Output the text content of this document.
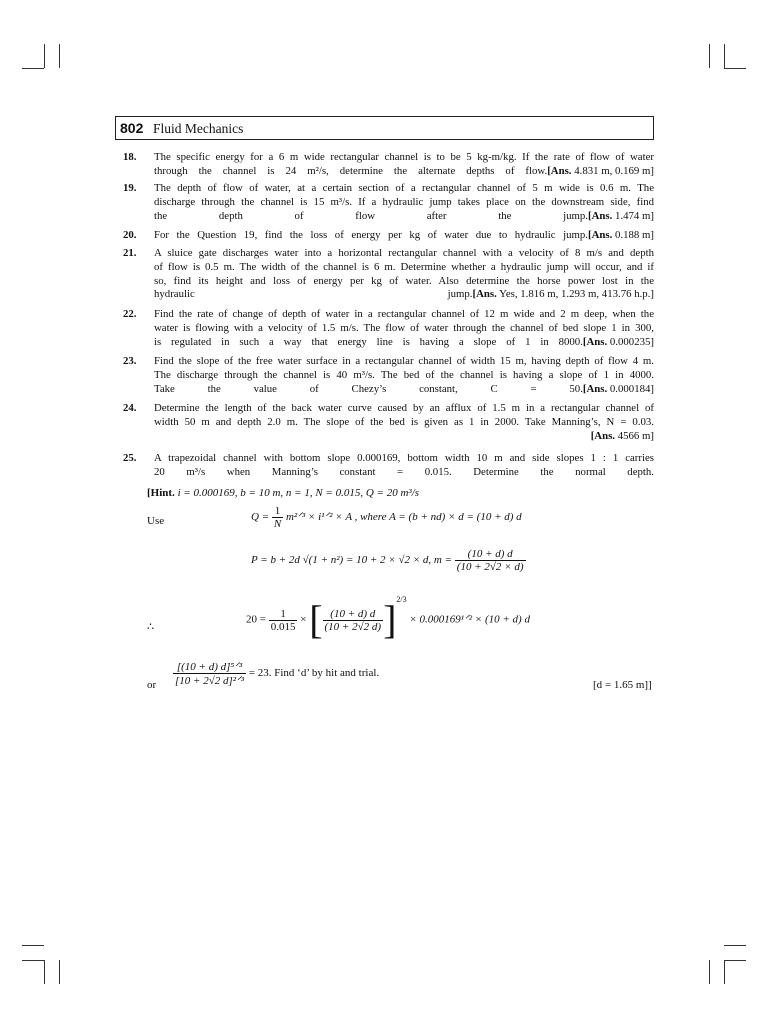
802 Fluid Mechanics
18. The specific energy for a 6 m wide rectangular channel is to be 5 kg-m/kg. If the rate of flow of water
through the channel is 24 m²/s, determine the alternate depths of flow. [Ans. 4.831 m, 0.169 m]
19. The depth of flow of water, at a certain section of a rectangular channel of 5 m wide is 0.6 m. The
discharge through the channel is 15 m³/s. If a hydraulic jump takes place on the downstream side, find
the depth of flow after the jump. [Ans. 1.474 m]
20. For the Question 19, find the loss of energy per kg of water due to hydraulic jump. [Ans. 0.188 m]
21. A sluice gate discharges water into a horizontal rectangular channel with a velocity of 8 m/s and depth
of flow is 0.5 m. The width of the channel is 6 m. Determine whether a hydraulic jump will occur, and if
so, find its height and loss of energy per kg of water. Also determine the horse power lost in the
hydraulic jump. [Ans. Yes, 1.816 m, 1.293 m, 413.76 h.p.]
22. Find the rate of change of depth of water in a rectangular channel of 12 m wide and 2 m deep, when the
water is flowing with a velocity of 1.5 m/s. The flow of water through the channel of bed slope 1 in 300,
is regulated in such a way that energy line is having a slope of 1 in 8000. [Ans. 0.000235]
23. Find the slope of the free water surface in a rectangular channel of width 15 m, having depth of flow 4 m.
The discharge through the channel is 40 m³/s. The bed of the channel is having a slope of 1 in 4000.
Take the value of Chezy’s constant, C = 50. [Ans. 0.000184]
24. Determine the length of the back water curve caused by an afflux of 1.5 m in a rectangular channel of
width 50 m and depth 2.0 m. The slope of the bed is given as 1 in 2000. Take Manning’s, N = 0.03.
[Ans. 4566 m]

25. A trapezoidal channel with bottom slope 0.000169, bottom width 10 m and side slopes 1 : 1 carries
20 m³/s when Manning’s constant = 0.015. Determine the normal depth.
[Hint. i = 0.000169, b = 10 m, n = 1, N = 0.015, Q = 20 m³/s
Use	$Q = \frac{1}{N}$ m²ᐟ³ × i¹ᐟ² × A , where A = (b + nd) × d = (10 + d) d
P = b + 2d √(1 + n²) = 10 + 2 × √2 × d, $m = \frac{(10 + d) d}{(10 + 2√2 \times d)}$
∴
$20 = \frac{1}{0.015}$ × [ $\frac{(10 + d) d}{(10 + 2√2 d)} ]^{2/3}$ × 0.000169¹ᐟ² × (10 + d) d
or $\frac{\text{[(10 + d) d]⁵ᐟ³}}{\text{[10 + 2√2 d]²ᐟ³}} = 23$. Find ‘d’ by hit and trial.
[d = 1.65 m]]
